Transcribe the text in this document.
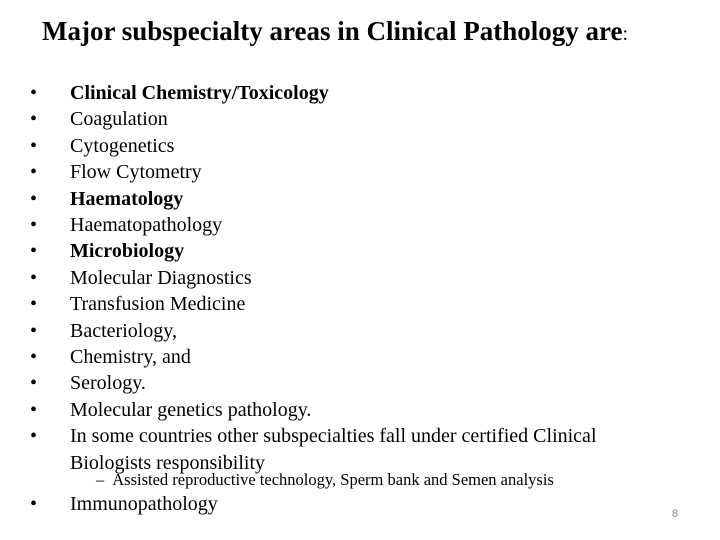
Major subspecialty areas in Clinical Pathology are:
•	Clinical Chemistry/Toxicology
•	Coagulation
•	Cytogenetics
•	Flow Cytometry
•	Haematology
•	Haematopathology
•	Microbiology
•	Molecular Diagnostics
•	Transfusion Medicine
•	Bacteriology,
•	Chemistry, and
•	Serology.
•	Molecular genetics pathology.
•	In some countries other subspecialties fall under certified Clinical Biologists responsibility
– Assisted reproductive technology, Sperm bank and Semen analysis
•	Immunopathology	8
